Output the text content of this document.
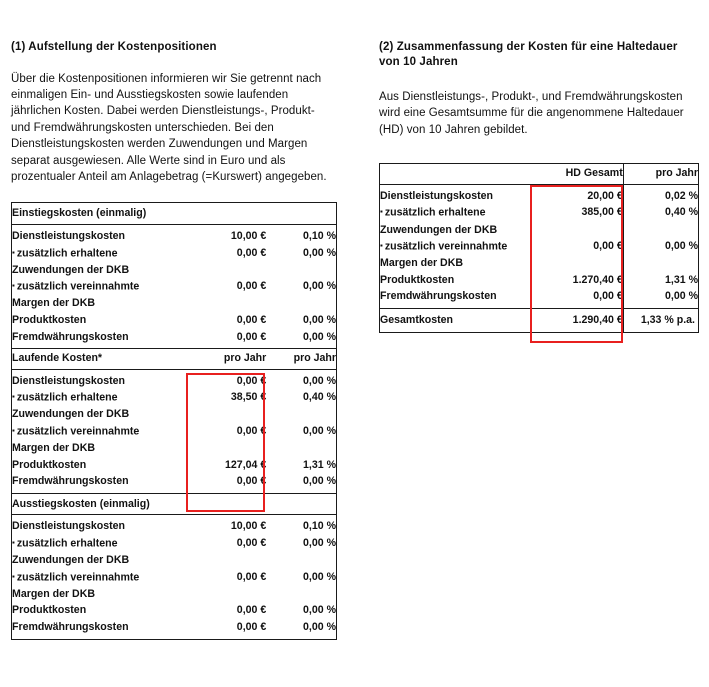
(1) Aufstellung der Kostenpositionen

Über die Kostenpositionen informieren wir Sie getrennt nach einmaligen Ein- und Ausstiegskosten sowie laufenden jährlichen Kosten. Dabei werden Dienstleistungs-, Produkt- und Fremdwährungskosten unterschieden. Bei den Dienstleistungskosten werden Zuwendungen und Margen separat ausgewiesen. Alle Werte sind in Euro und als prozentualer Anteil am Anlagebetrag (=Kurswert) angegeben.

Einstiegskosten (einmalig)		
Dienstleistungskosten	10,00 €	0,10 %
▪ zusätzlich erhaltene	0,00 €	0,00 %
Zuwendungen der DKB		
▪ zusätzlich vereinnahmte	0,00 €	0,00 %
Margen der DKB		
Produktkosten	0,00 €	0,00 %
Fremdwährungskosten	0,00 €	0,00 %
Laufende Kosten*	pro Jahr	pro Jahr
Dienstleistungskosten	0,00 €	0,00 %
▪ zusätzlich erhaltene	38,50 €	0,40 %
Zuwendungen der DKB		
▪ zusätzlich vereinnahmte	0,00 €	0,00 %
Margen der DKB		
Produktkosten	127,04 €	1,31 %
Fremdwährungskosten	0,00 €	0,00 %
Ausstiegskosten (einmalig)		
Dienstleistungskosten	10,00 €	0,10 %
▪ zusätzlich erhaltene	0,00 €	0,00 %
Zuwendungen der DKB		
▪ zusätzlich vereinnahmte	0,00 €	0,00 %
Margen der DKB		
Produktkosten	0,00 €	0,00 %
Fremdwährungskosten	0,00 €	0,00 %
(2) Zusammenfassung der Kosten für eine Haltedauer von 10 Jahren

Aus Dienstleistungs-, Produkt-, und Fremdwährungskosten wird eine Gesamtsumme für die angenommene Haltedauer (HD) von 10 Jahren gebildet.

	HD Gesamt	pro Jahr
Dienstleistungskosten	20,00 €	0,02 %
▪ zusätzlich erhaltene	385,00 €	0,40 %
Zuwendungen der DKB		
▪ zusätzlich vereinnahmte	0,00 €	0,00 %
Margen der DKB		
Produktkosten	1.270,40 €	1,31 %
Fremdwährungskosten	0,00 €	0,00 %
Gesamtkosten	1.290,40 €	1,33 % p.a.
